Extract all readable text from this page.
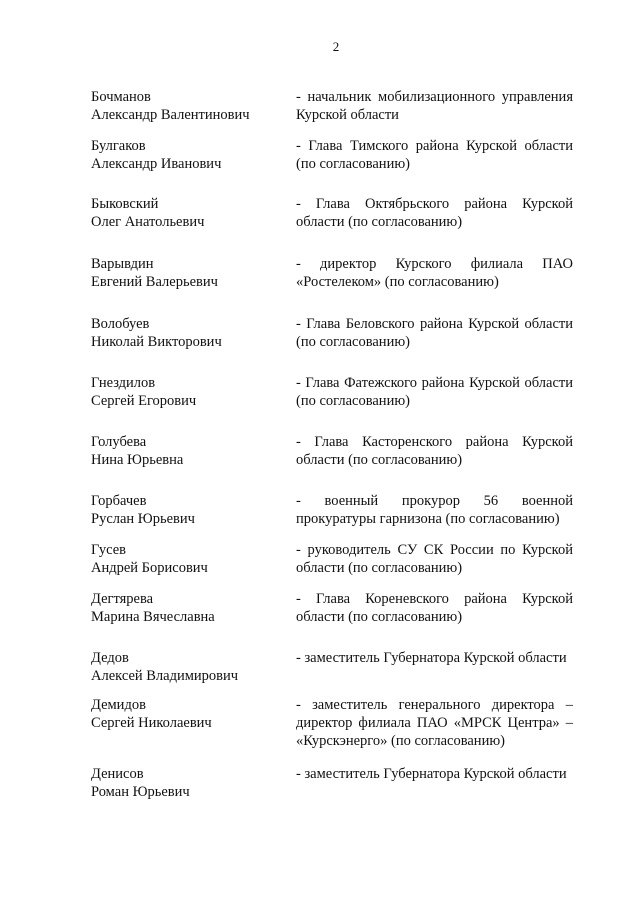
2
Бочманов
Александр Валентинович
- начальник мобилизационного управления Курской области
Булгаков
Александр Иванович
- Глава Тимского района Курской области (по согласованию)
Быковский
Олег Анатольевич
- Глава Октябрьского района Курской области (по согласованию)
Варывдин
Евгений Валерьевич
- директор Курского филиала ПАО «Ростелеком» (по согласованию)
Волобуев
Николай Викторович
- Глава Беловского района Курской области (по согласованию)
Гнездилов
Сергей Егорович
- Глава Фатежского района Курской области (по согласованию)
Голубева
Нина Юрьевна
- Глава Касторенского района Курской области (по согласованию)
Горбачев
Руслан Юрьевич
- военный прокурор 56 военной прокуратуры гарнизона (по согласованию)
Гусев
Андрей Борисович
- руководитель СУ СК России по Курской области (по согласованию)
Дегтярева
Марина Вячеславна
- Глава Кореневского района Курской области (по согласованию)
Дедов
Алексей Владимирович
- заместитель Губернатора Курской области
Демидов
Сергей Николаевич
- заместитель генерального директора – директор филиала ПАО «МРСК Центра» – «Курскэнерго» (по согласованию)
Денисов
Роман Юрьевич
- заместитель Губернатора Курской области
